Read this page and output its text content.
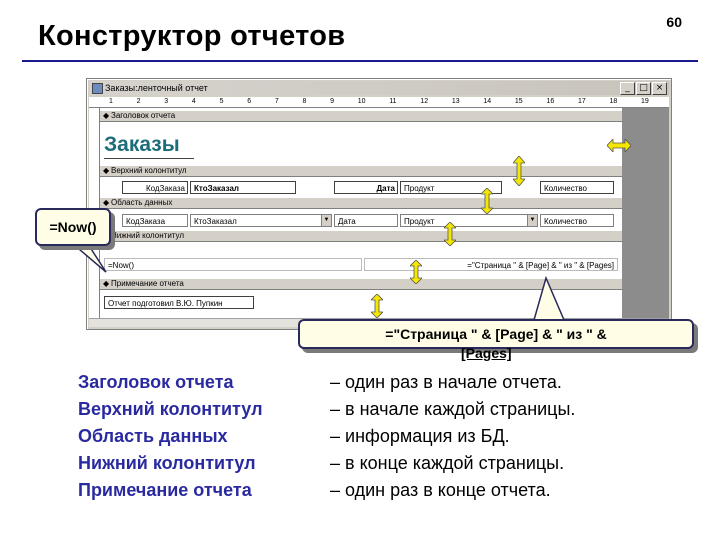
Конструктор отчетов	60
Заказы:ленточный отчет	_	□ ×
1	2	3	4	5	6	7	8	9	10	11	12	13	14	15	16	17	18	19
◆ Заголовок отчета
Заказы
◆ Верхний колонтитул
КодЗаказа	КтоЗаказал	Дата	Продукт	Количество
◆ Область данных
КодЗаказа	КтоЗаказал	▼	Дата	Продукт	▼	Количество
Нижний колонтитул
=Now()	="Страница " & [Page] & " из " & [Pages]
◆ Примечание отчета
Отчет подготовил В.Ю. Пупкин
=Now()
="Страница " & [Page] & " из " &
[Pages]
Заголовок отчета	– один раз в начале отчета.
Верхний колонтитул	– в начале каждой страницы.
Область данных	– информация из БД.
Нижний колонтитул	– в конце каждой страницы.
Примечание отчета	– один раз в конце отчета.
